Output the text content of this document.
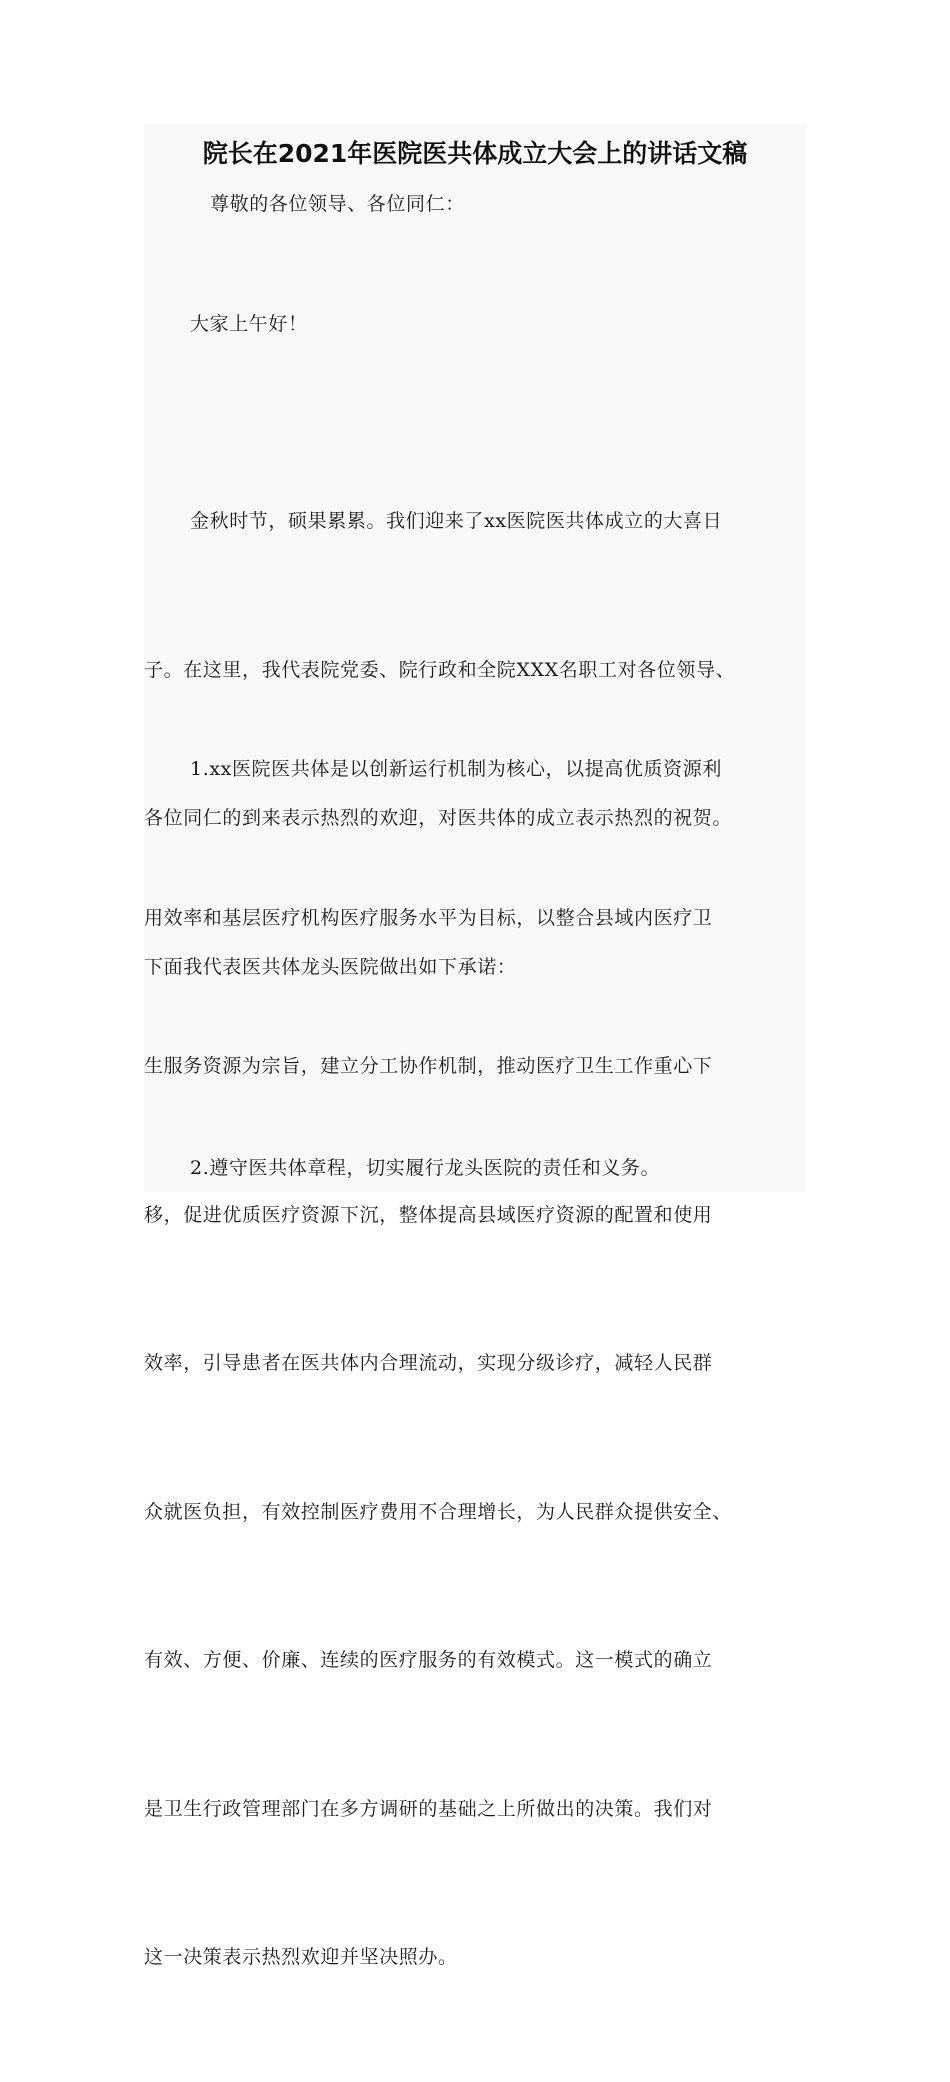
院长在2021年医院医共体成立大会上的讲话文稿

尊敬的各位领导、各位同仁：

大家上午好！

金秋时节，硕果累累。我们迎来了xx医院医共体成立的大喜日

子。在这里，我代表院党委、院行政和全院XXX名职工对各位领导、

各位同仁的到来表示热烈的欢迎，对医共体的成立表示热烈的祝贺。

下面我代表医共体龙头医院做出如下承诺：

1.xx医院医共体是以创新运行机制为核心，以提高优质资源利

用效率和基层医疗机构医疗服务水平为目标，以整合县域内医疗卫

生服务资源为宗旨，建立分工协作机制，推动医疗卫生工作重心下

移，促进优质医疗资源下沉，整体提高县域医疗资源的配置和使用

效率，引导患者在医共体内合理流动，实现分级诊疗，减轻人民群

众就医负担，有效控制医疗费用不合理增长，为人民群众提供安全、

有效、方便、价廉、连续的医疗服务的有效模式。这一模式的确立

是卫生行政管理部门在多方调研的基础之上所做出的决策。我们对

这一决策表示热烈欢迎并坚决照办。

2.遵守医共体章程，切实履行龙头医院的责任和义务。
